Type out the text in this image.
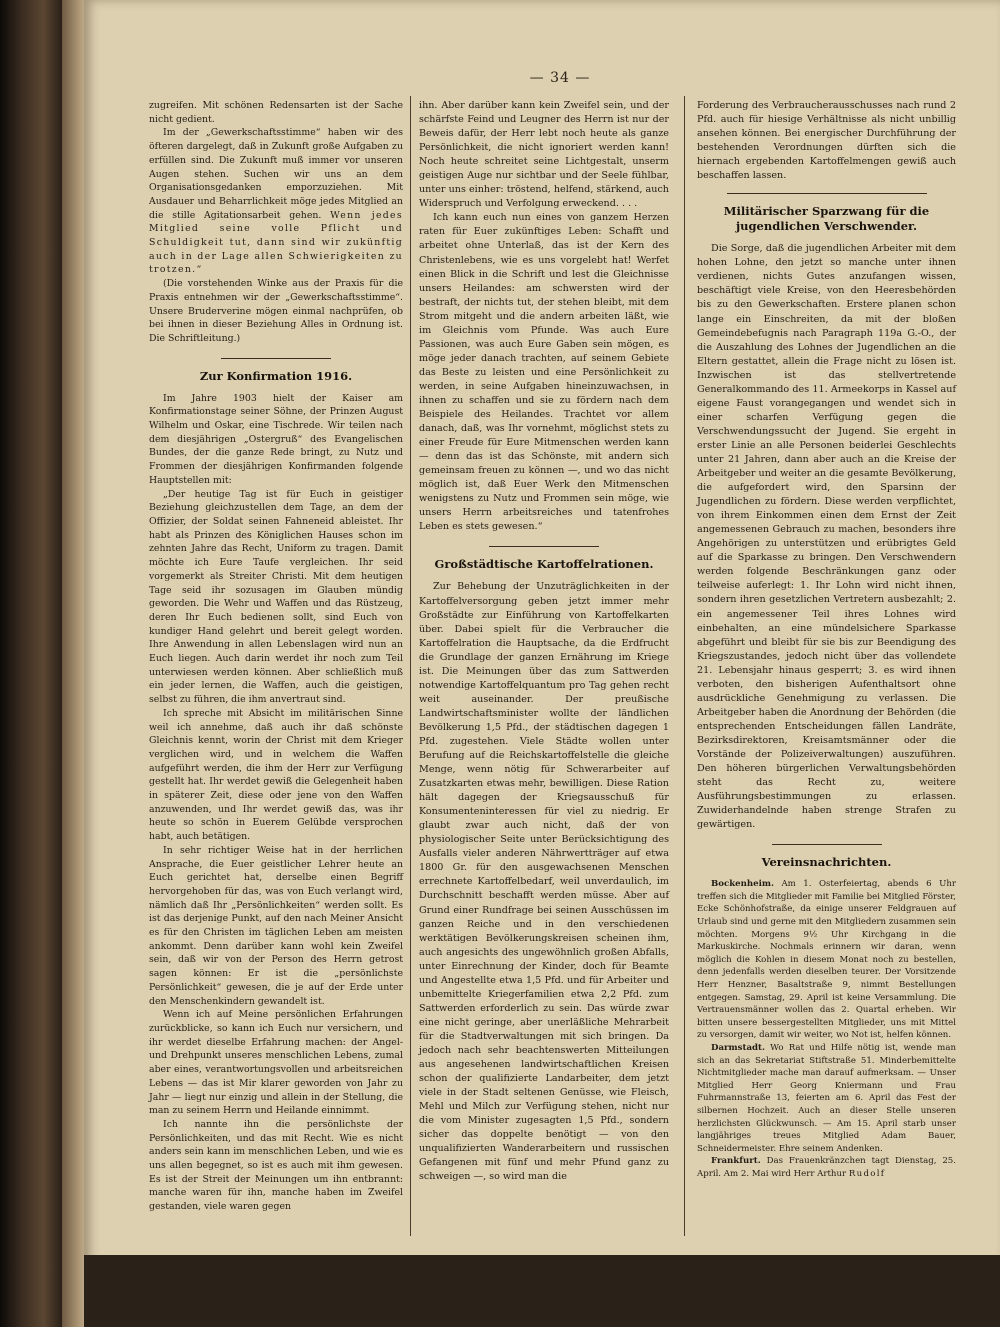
— 34 —

zugreifen. Mit schönen Redensarten ist der Sache nicht gedient.

Im der „Gewerkschaftsstimme“ haben wir des öfteren dargelegt, daß in Zukunft große Aufgaben zu erfüllen sind. Die Zukunft muß immer vor unseren Augen stehen. Suchen wir uns an dem Organisationsgedanken emporzuziehen. Mit Ausdauer und Beharrlichkeit möge jedes Mitglied an die stille Agitationsarbeit gehen. Wenn jedes Mitglied seine volle Pflicht und Schuldigkeit tut, dann sind wir zukünftig auch in der Lage allen Schwierigkeiten zu trotzen.“

(Die vorstehenden Winke aus der Praxis für die Praxis entnehmen wir der „Gewerkschaftsstimme“. Unsere Bruderverine mögen einmal nachprüfen, ob bei ihnen in dieser Beziehung Alles in Ordnung ist. Die Schriftleitung.)

Zur Konfirmation 1916.

Im Jahre 1903 hielt der Kaiser am Konfirmationstage seiner Söhne, der Prinzen August Wilhelm und Oskar, eine Tischrede. Wir teilen nach dem diesjährigen „Ostergruß“ des Evangelischen Bundes, der die ganze Rede bringt, zu Nutz und Frommen der diesjährigen Konfirmanden folgende Hauptstellen mit:

„Der heutige Tag ist für Euch in geistiger Beziehung gleichzustellen dem Tage, an dem der Offizier, der Soldat seinen Fahneneid ableistet. Ihr habt als Prinzen des Königlichen Hauses schon im zehnten Jahre das Recht, Uniform zu tragen. Damit möchte ich Eure Taufe vergleichen. Ihr seid vorgemerkt als Streiter Christi. Mit dem heutigen Tage seid ihr sozusagen im Glauben mündig geworden. Die Wehr und Waffen und das Rüstzeug, deren Ihr Euch bedienen sollt, sind Euch von kundiger Hand gelehrt und bereit gelegt worden. Ihre Anwendung in allen Lebenslagen wird nun an Euch liegen. Auch darin werdet ihr noch zum Teil unterwiesen werden können. Aber schließlich muß ein jeder lernen, die Waffen, auch die geistigen, selbst zu führen, die ihm anvertraut sind.

Ich spreche mit Absicht im militärischen Sinne weil ich annehme, daß auch ihr daß schönste Gleichnis kennt, worin der Christ mit dem Krieger verglichen wird, und in welchem die Waffen aufgeführt werden, die ihm der Herr zur Verfügung gestellt hat. Ihr werdet gewiß die Gelegenheit haben in späterer Zeit, diese oder jene von den Waffen anzuwenden, und Ihr werdet gewiß das, was ihr heute so schön in Euerem Gelübde versprochen habt, auch betätigen.

In sehr richtiger Weise hat in der herrlichen Ansprache, die Euer geistlicher Lehrer heute an Euch gerichtet hat, derselbe einen Begriff hervorgehoben für das, was von Euch verlangt wird, nämlich daß Ihr „Persönlichkeiten“ werden sollt. Es ist das derjenige Punkt, auf den nach Meiner Ansicht es für den Christen im täglichen Leben am meisten ankommt. Denn darüber kann wohl kein Zweifel sein, daß wir von der Person des Herrn getrost sagen können: Er ist die „persönlichste Persönlichkeit“ gewesen, die je auf der Erde unter den Menschenkindern gewandelt ist.

Wenn ich auf Meine persönlichen Erfahrungen zurückblicke, so kann ich Euch nur versichern, und ihr werdet dieselbe Erfahrung machen: der Angel- und Drehpunkt unseres menschlichen Lebens, zumal aber eines, verantwortungsvollen und arbeitsreichen Lebens — das ist Mir klarer geworden von Jahr zu Jahr — liegt nur einzig und allein in der Stellung, die man zu seinem Herrn und Heilande einnimmt.

Ich nannte ihn die persönlichste der Persönlichkeiten, und das mit Recht. Wie es nicht anders sein kann im menschlichen Leben, und wie es uns allen begegnet, so ist es auch mit ihm gewesen. Es ist der Streit der Meinungen um ihn entbrannt: manche waren für ihn, manche haben im Zweifel gestanden, viele waren gegen

ihn. Aber darüber kann kein Zweifel sein, und der schärfste Feind und Leugner des Herrn ist nur der Beweis dafür, der Herr lebt noch heute als ganze Persönlichkeit, die nicht ignoriert werden kann! Noch heute schreitet seine Lichtgestalt, unserm geistigen Auge nur sichtbar und der Seele fühlbar, unter uns einher: tröstend, helfend, stärkend, auch Widerspruch und Verfolgung erweckend. . . .

Ich kann euch nun eines von ganzem Herzen raten für Euer zukünftiges Leben: Schafft und arbeitet ohne Unterlaß, das ist der Kern des Christenlebens, wie es uns vorgelebt hat! Werfet einen Blick in die Schrift und lest die Gleichnisse unsers Heilandes: am schwersten wird der bestraft, der nichts tut, der stehen bleibt, mit dem Strom mitgeht und die andern arbeiten läßt, wie im Gleichnis vom Pfunde. Was auch Eure Passionen, was auch Eure Gaben sein mögen, es möge jeder danach trachten, auf seinem Gebiete das Beste zu leisten und eine Persönlichkeit zu werden, in seine Aufgaben hineinzuwachsen, in ihnen zu schaffen und sie zu fördern nach dem Beispiele des Heilandes. Trachtet vor allem danach, daß, was Ihr vornehmt, möglichst stets zu einer Freude für Eure Mitmenschen werden kann — denn das ist das Schönste, mit andern sich gemeinsam freuen zu können —, und wo das nicht möglich ist, daß Euer Werk den Mitmenschen wenigstens zu Nutz und Frommen sein möge, wie unsers Herrn arbeitsreiches und tatenfrohes Leben es stets gewesen.“

Großstädtische Kartoffelrationen.

Zur Behebung der Unzuträglichkeiten in der Kartoffelversorgung geben jetzt immer mehr Großstädte zur Einführung von Kartoffelkarten über. Dabei spielt für die Verbraucher die Kartoffelration die Hauptsache, da die Erdfrucht die Grundlage der ganzen Ernährung im Kriege ist. Die Meinungen über das zum Sattwerden notwendige Kartoffelquantum pro Tag gehen recht weit auseinander. Der preußische Landwirtschaftsminister wollte der ländlichen Bevölkerung 1,5 Pfd., der städtischen dagegen 1 Pfd. zugestehen. Viele Städte wollen unter Berufung auf die Reichskartoffelstelle die gleiche Menge, wenn nötig für Schwerarbeiter auf Zusatzkarten etwas mehr, bewilligen. Diese Ration hält dagegen der Kriegsausschuß für Konsumenteninteressen für viel zu niedrig. Er glaubt zwar auch nicht, daß der von physiologischer Seite unter Berücksichtigung des Ausfalls vieler anderen Nährwertträger auf etwa 1800 Gr. für den ausgewachsenen Menschen errechnete Kartoffelbedarf, weil unverdaulich, im Durchschnitt beschafft werden müsse. Aber auf Grund einer Rundfrage bei seinen Ausschüssen im ganzen Reiche und in den verschiedenen werktätigen Bevölkerungskreisen scheinen ihm, auch angesichts des ungewöhnlich großen Abfalls, unter Einrechnung der Kinder, doch für Beamte und Angestellte etwa 1,5 Pfd. und für Arbeiter und unbemittelte Kriegerfamilien etwa 2,2 Pfd. zum Sattwerden erforderlich zu sein. Das würde zwar eine nicht geringe, aber unerläßliche Mehrarbeit für die Stadtverwaltungen mit sich bringen. Da jedoch nach sehr beachtenswerten Mitteilungen aus angesehenen landwirtschaftlichen Kreisen schon der qualifizierte Landarbeiter, dem jetzt viele in der Stadt seltenen Genüsse, wie Fleisch, Mehl und Milch zur Verfügung stehen, nicht nur die vom Minister zugesagten 1,5 Pfd., sondern sicher das doppelte benötigt — von den unqualifizierten Wanderarbeitern und russischen Gefangenen mit fünf und mehr Pfund ganz zu schweigen —, so wird man die

Forderung des Verbraucherausschusses nach rund 2 Pfd. auch für hiesige Verhältnisse als nicht unbillig ansehen können. Bei energischer Durchführung der bestehenden Verordnungen dürften sich die hiernach ergebenden Kartoffelmengen gewiß auch beschaffen lassen.

Militärischer Sparzwang für die jugendlichen Verschwender.

Die Sorge, daß die jugendlichen Arbeiter mit dem hohen Lohne, den jetzt so manche unter ihnen verdienen, nichts Gutes anzufangen wissen, beschäftigt viele Kreise, von den Heeresbehörden bis zu den Gewerkschaften. Erstere planen schon lange ein Einschreiten, da mit der bloßen Gemeindebefugnis nach Paragraph 119a G.-O., der die Auszahlung des Lohnes der Jugendlichen an die Eltern gestattet, allein die Frage nicht zu lösen ist. Inzwischen ist das stellvertretende Generalkommando des 11. Armeekorps in Kassel auf eigene Faust vorangegangen und wendet sich in einer scharfen Verfügung gegen die Verschwendungssucht der Jugend. Sie ergeht in erster Linie an alle Personen beiderlei Geschlechts unter 21 Jahren, dann aber auch an die Kreise der Arbeitgeber und weiter an die gesamte Bevölkerung, die aufgefordert wird, den Sparsinn der Jugendlichen zu fördern. Diese werden verpflichtet, von ihrem Einkommen einen dem Ernst der Zeit angemessenen Gebrauch zu machen, besonders ihre Angehörigen zu unterstützen und erübrigtes Geld auf die Sparkasse zu bringen. Den Verschwendern werden folgende Beschränkungen ganz oder teilweise auferlegt: 1. Ihr Lohn wird nicht ihnen, sondern ihren gesetzlichen Vertretern ausbezahlt; 2. ein angemessener Teil ihres Lohnes wird einbehalten, an eine mündelsichere Sparkasse abgeführt und bleibt für sie bis zur Beendigung des Kriegszustandes, jedoch nicht über das vollendete 21. Lebensjahr hinaus gesperrt; 3. es wird ihnen verboten, den bisherigen Aufenthaltsort ohne ausdrückliche Genehmigung zu verlassen. Die Arbeitgeber haben die Anordnung der Behörden (die entsprechenden Entscheidungen fällen Landräte, Bezirksdirektoren, Kreisamtsmänner oder die Vorstände der Polizeiverwaltungen) auszuführen. Den höheren bürgerlichen Verwaltungsbehörden steht das Recht zu, weitere Ausführungsbestimmungen zu erlassen. Zuwiderhandelnde haben strenge Strafen zu gewärtigen.

Vereinsnachrichten.

Bockenheim. Am 1. Osterfeiertag, abends 6 Uhr treffen sich die Mitglieder mit Familie bei Mitglied Förster, Ecke Schönhofstraße, da einige unserer Feldgrauen auf Urlaub sind und gerne mit den Mitgliedern zusammen sein möchten. Morgens 9½ Uhr Kirchgang in die Markuskirche. Nochmals erinnern wir daran, wenn möglich die Kohlen in diesem Monat noch zu bestellen, denn jedenfalls werden dieselben teurer. Der Vorsitzende Herr Henzner, Basaltstraße 9, nimmt Bestellungen entgegen. Samstag, 29. April ist keine Versammlung. Die Vertrauensmänner wollen das 2. Quartal erheben. Wir bitten unsere bessergestellten Mitglieder, uns mit Mittel zu versorgen, damit wir weiter, wo Not ist, helfen können.

Darmstadt. Wo Rat und Hilfe nötig ist, wende man sich an das Sekretariat Stiftstraße 51. Minderbemittelte Nichtmitglieder mache man darauf aufmerksam. — Unser Mitglied Herr Georg Kniermann und Frau Fuhrmannstraße 13, feierten am 6. April das Fest der silbernen Hochzeit. Auch an dieser Stelle unseren herzlichsten Glückwunsch. — Am 15. April starb unser langjähriges treues Mitglied Adam Bauer, Schneidermeister. Ehre seinem Andenken.

Frankfurt. Das Frauenkränzchen tagt Dienstag, 25. April. Am 2. Mai wird Herr Arthur Rudolf
